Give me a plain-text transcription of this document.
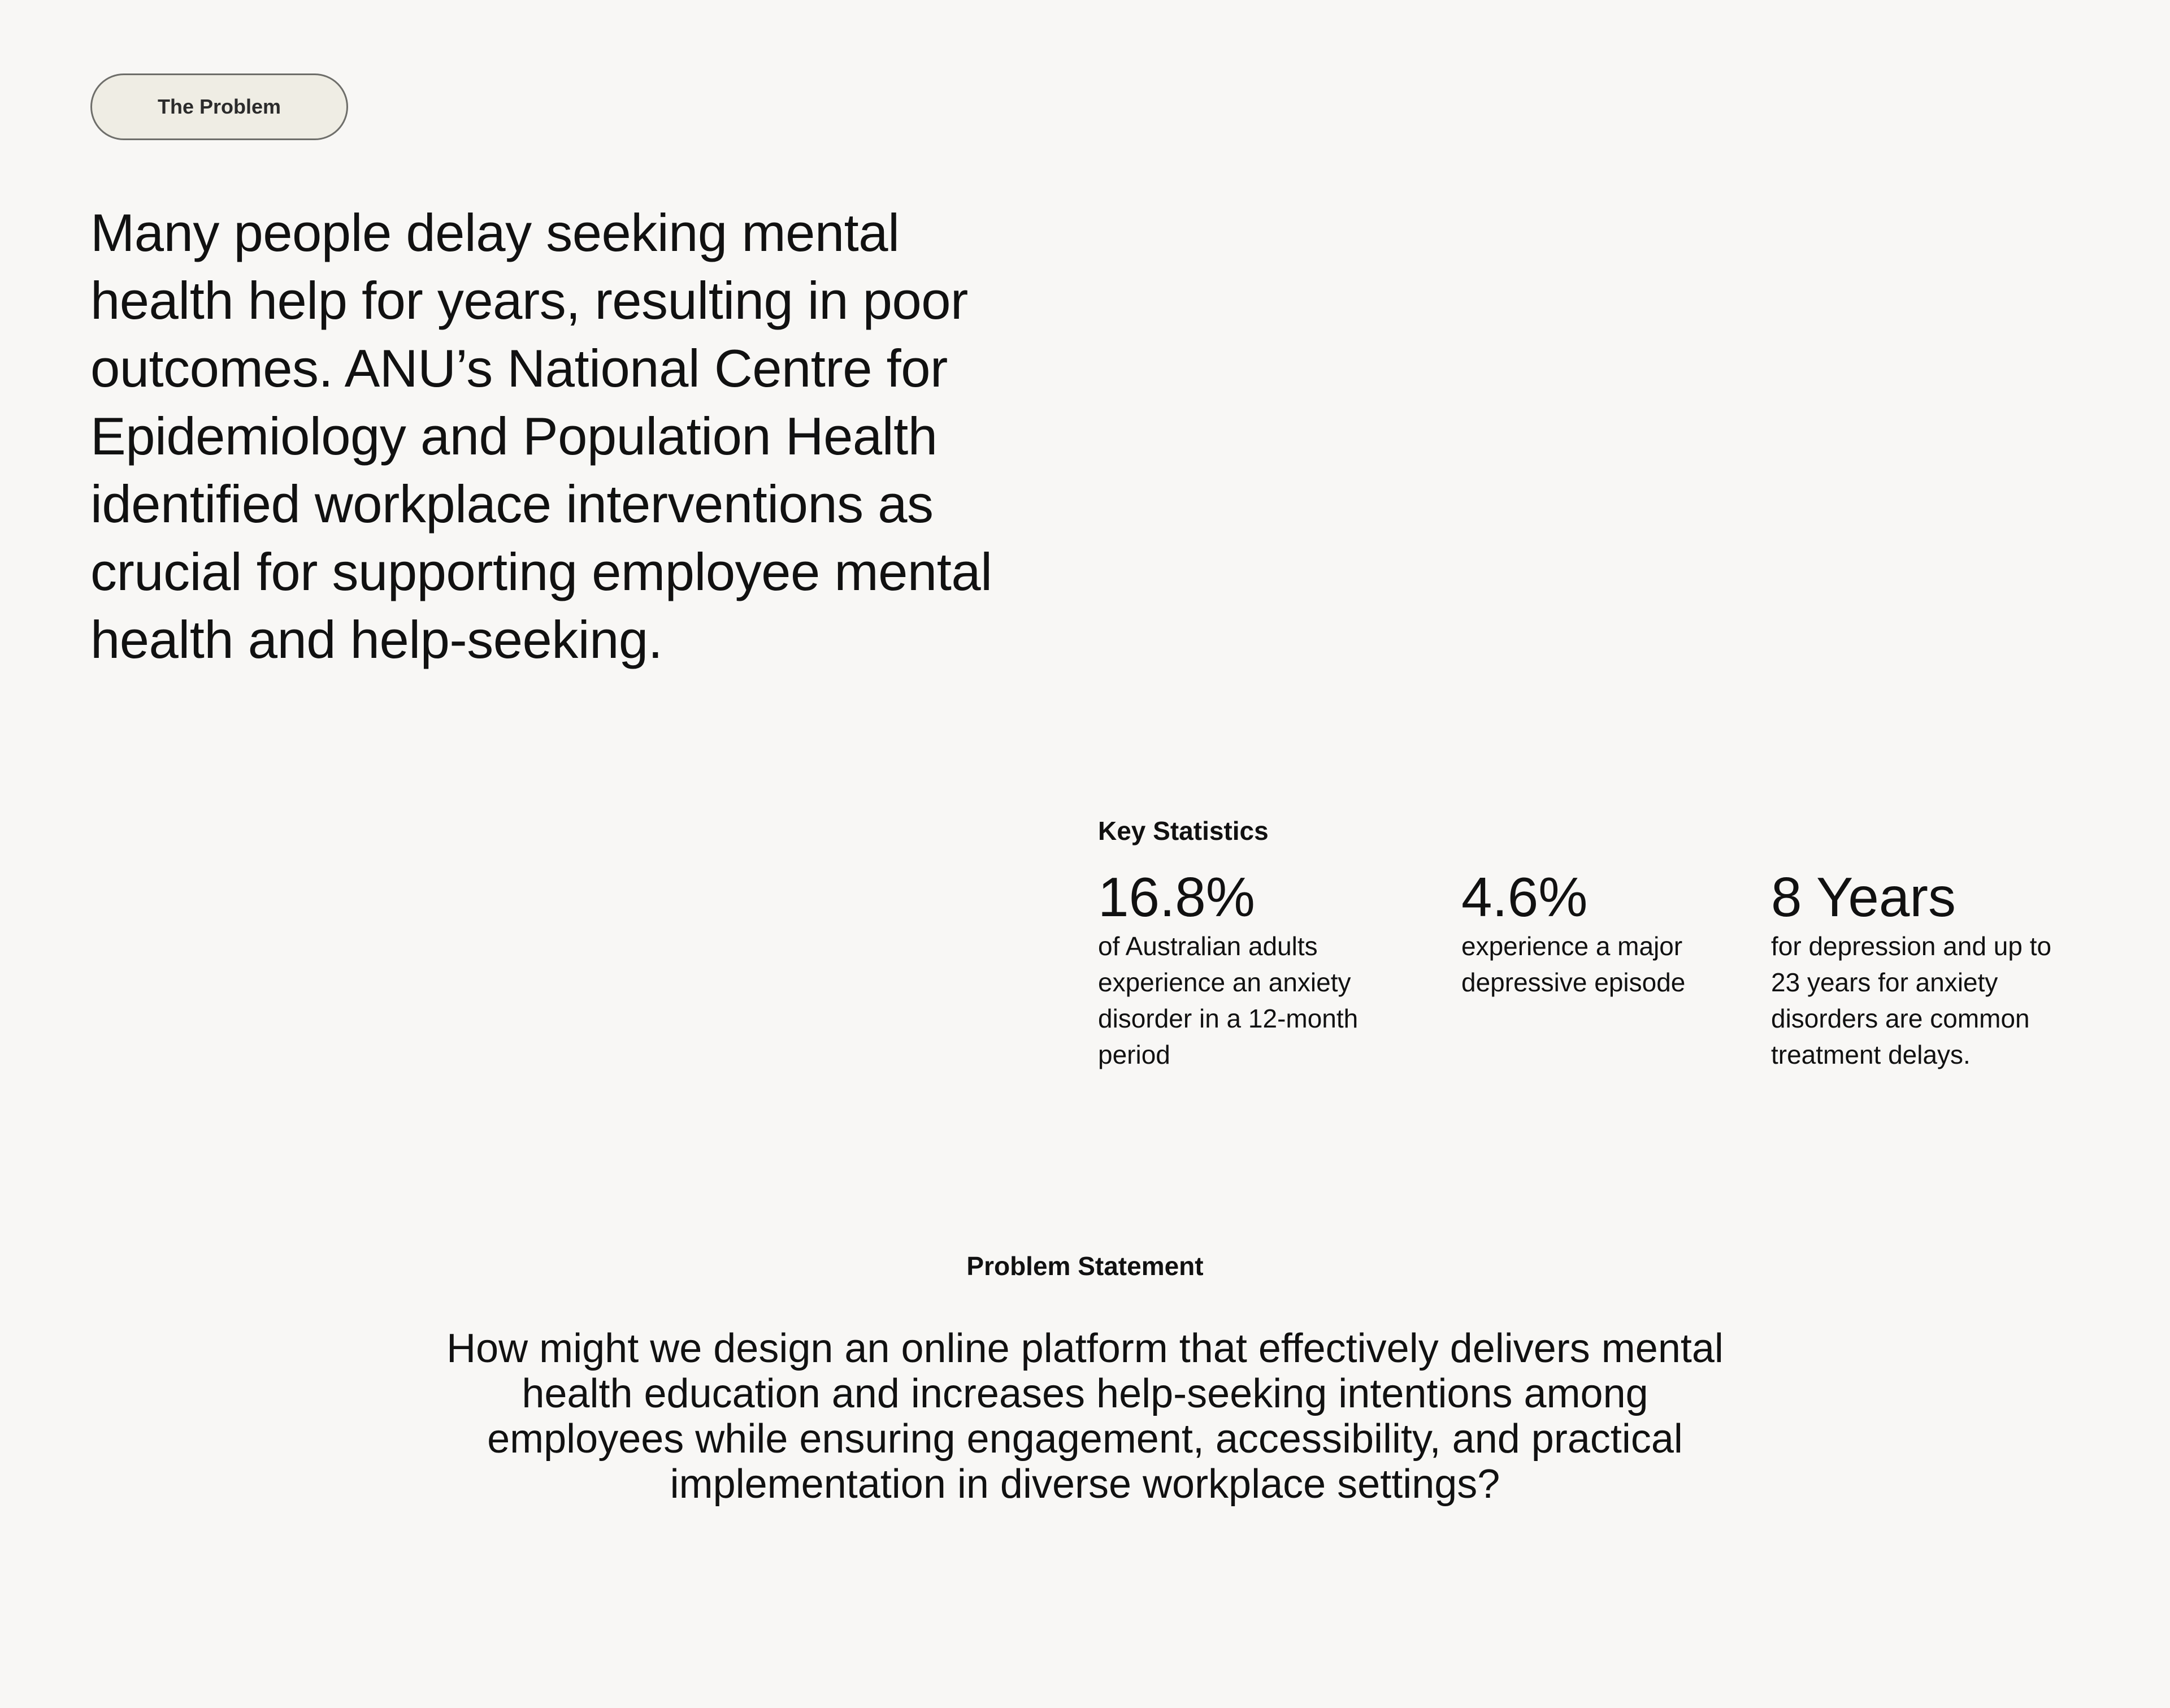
The Problem

Many people delay seeking mental health help for years, resulting in poor outcomes. ANU’s National Centre for Epidemiology and Population Health identified workplace interventions as crucial for supporting employee mental health and help-seeking.

Key Statistics

16.8%

of Australian adults experience an anxiety disorder in a 12-month period

4.6%

experience a major depressive episode

8 Years

for depression and up to 23 years for anxiety disorders are common treatment delays.

Problem Statement

How might we design an online platform that effectively delivers mental health education and increases help-seeking intentions among employees while ensuring engagement, accessibility, and practical implementation in diverse workplace settings?
